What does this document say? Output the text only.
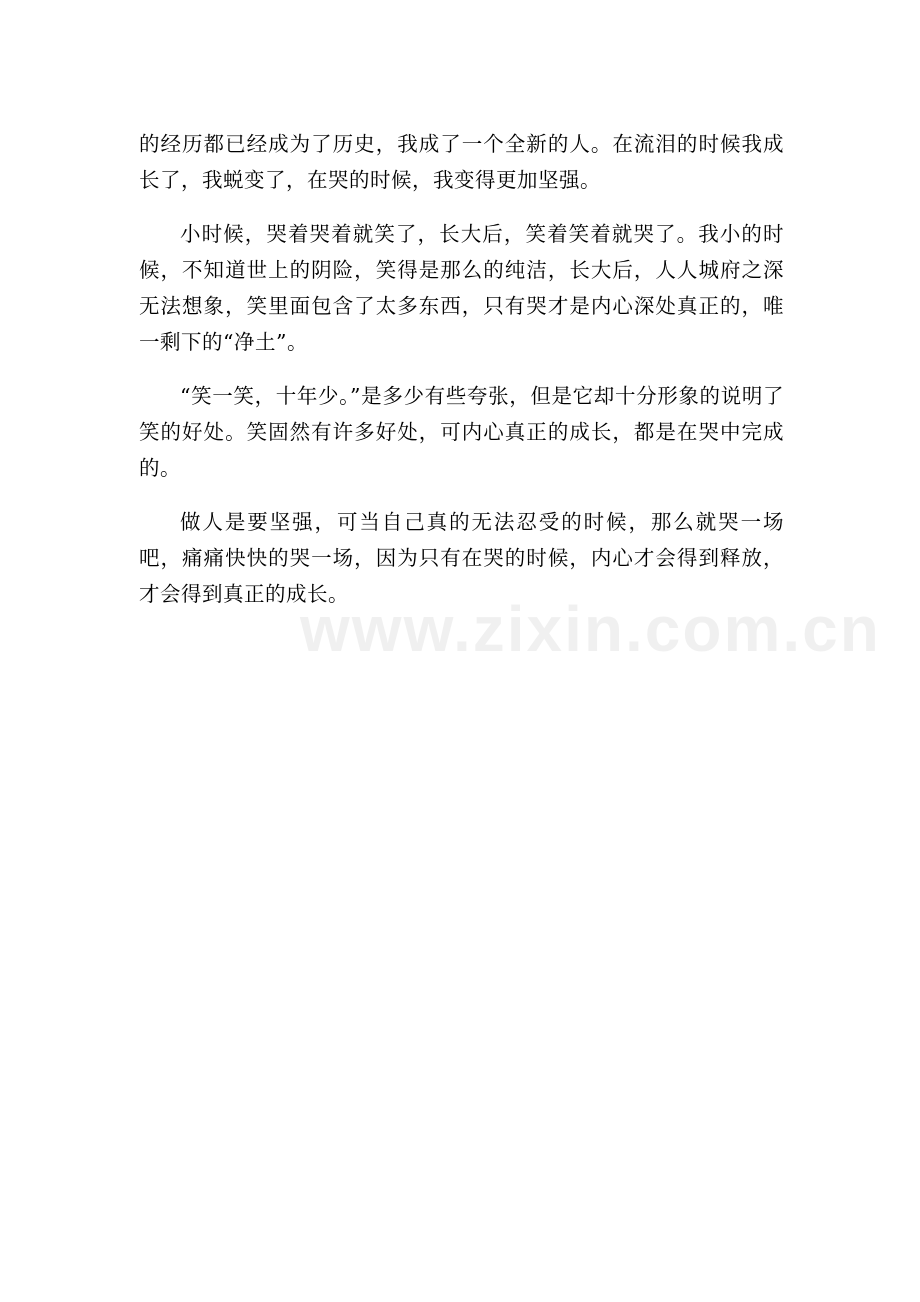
www.zixin.com.cn

的经历都已经成为了历史，我成了一个全新的人。在流泪的时候我成长了，我蜕变了，在哭的时候，我变得更加坚强。

小时候，哭着哭着就笑了，长大后，笑着笑着就哭了。我小的时候，不知道世上的阴险，笑得是那么的纯洁，长大后，人人城府之深无法想象，笑里面包含了太多东西，只有哭才是内心深处真正的，唯一剩下的“净土”。

“笑一笑，十年少。”是多少有些夸张，但是它却十分形象的说明了笑的好处。笑固然有许多好处，可内心真正的成长，都是在哭中完成的。

做人是要坚强，可当自己真的无法忍受的时候，那么就哭一场吧，痛痛快快的哭一场，因为只有在哭的时候，内心才会得到释放，才会得到真正的成长。
